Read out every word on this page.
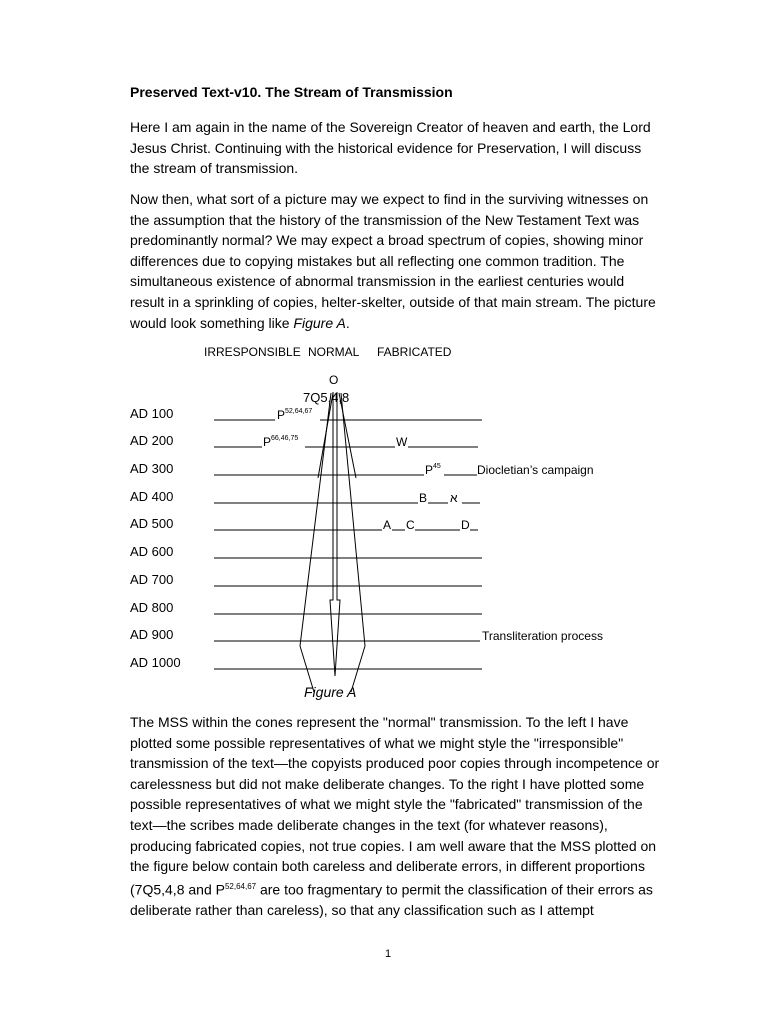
Preserved Text-v10. The Stream of Transmission

Here I am again in the name of the Sovereign Creator of heaven and earth, the Lord Jesus Christ. Continuing with the historical evidence for Preservation, I will discuss the stream of transmission.

Now then, what sort of a picture may we expect to find in the surviving witnesses on the assumption that the history of the transmission of the New Testament Text was predominantly normal? We may expect a broad spectrum of copies, showing minor differences due to copying mistakes but all reflecting one common tradition. The simultaneous existence of abnormal transmission in the earliest centuries would result in a sprinkling of copies, helter-skelter, outside of that main stream. The picture would look something like Figure A.

IRRESPONSIBLE NORMAL FABRICATED
O
7Q5,4,8
AD 100
AD 200
AD 300
AD 400
AD 500
AD 600
AD 700
AD 800
AD 900
AD 1000
P$^{52,64,67}$
P$^{66,46,75}$	W
$P^{45}$	Diocletian’s campaign
B א
A C	D
Transliteration process
Figure A

The MSS within the cones represent the "normal" transmission. To the left I have plotted some possible representatives of what we might style the "irresponsible" transmission of the text—the copyists produced poor copies through incompetence or carelessness but did not make deliberate changes. To the right I have plotted some possible representatives of what we might style the "fabricated" transmission of the text—the scribes made deliberate changes in the text (for whatever reasons), producing fabricated copies, not true copies. I am well aware that the MSS plotted on the figure below contain both careless and deliberate errors, in different proportions (7Q5,4,8 and P$^{52,64,67}$ are too fragmentary to permit the classification of their errors as deliberate rather than careless), so that any classification such as I attempt

1
